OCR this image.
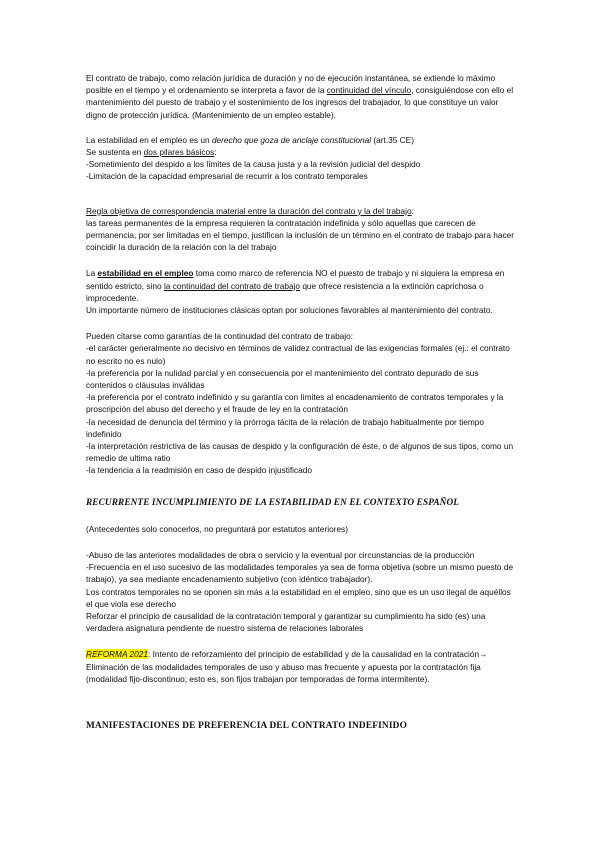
El contrato de trabajo, como relación jurídica de duración y no de ejecución instantánea, se extiende lo máximo posible en el tiempo y el ordenamiento se interpreta a favor de la continuidad del vínculo, consiguiéndose con ello el mantenimiento del puesto de trabajo y el sostenimiento de los ingresos del trabajador, lo que constituye un valor digno de protección jurídica. (Mantenimiento de un empleo estable).

La estabilidad en el empleo es un derecho que goza de anclaje constitucional (art.35 CE)

Se sustenta en dos pilares básicos:

-Sometimiento del despido a los límites de la causa justa y a la revisión judicial del despido

-Limitación de la capacidad empresarial de recurrir a los contrato temporales

Regla objetiva de correspondencia material entre la duración del contrato y la del trabajo:

las tareas permanentes de la empresa requieren la contratación indefinida y sólo aquellas que carecen de permanencia, por ser limitadas en el tiempo, justifican la inclusión de un término en el contrato de trabajo para hacer coincidir la duración de la relación con la del trabajo

La estabilidad en el empleo toma como marco de referencia NO el puesto de trabajo y ni siquiera la empresa en sentido estricto, sino la continuidad del contrato de trabajo que ofrece resistencia a la extinción caprichosa o improcedente.

Un importante número de instituciones clásicas optan por soluciones favorables al mantenimiento del contrato.

Pueden citarse como garantías de la continuidad del contrato de trabajo:

-el carácter generalmente no decisivo en términos de validez contractual de las exigencias formales (ej.: el contrato no escrito no es nulo)

-la preferencia por la nulidad parcial y en consecuencia por el mantenimiento del contrato depurado de sus contenidos o cláusulas inválidas

-la preferencia por el contrato indefinido y su garantía con límites al encadenamiento de contratos temporales y la proscripción del abuso del derecho y el fraude de ley en la contratación

-la necesidad de denuncia del término y la prórroga tácita de la relación de trabajo habitualmente por tiempo indefinido

-la interpretación restrictiva de las causas de despido y la configuración de éste, o de algunos de sus tipos, como un remedio de ultima ratio

-la tendencia a la readmisión en caso de despido injustificado

RECURRENTE INCUMPLIMIENTO DE LA ESTABILIDAD EN EL CONTEXTO ESPAÑOL

(Antecedentes solo conocerlos, no preguntará por estatutos anteriores)

-Abuso de las anteriores modalidades de obra o servicio y la eventual por circunstancias de la producción

-Frecuencia en el uso sucesivo de las modalidades temporales ya sea de forma objetiva (sobre un mismo puesto de trabajo), ya sea mediante encadenamiento subjetivo (con idéntico trabajador).

Los contratos temporales no se oponen sin más a la estabilidad en el empleo, sino que es un uso ilegal de aquéllos el que viola ese derecho

Reforzar el principio de causalidad de la contratación temporal y garantizar su cumplimiento ha sido (es) una verdadera asignatura pendiente de nuestro sistema de relaciones laborales

REFORMA 2021: Intento de reforzamiento del principio de estabilidad y de la causalidad en la contratación→ Eliminación de las modalidades temporales de uso y abuso mas frecuente y apuesta por la contratación fija (modalidad fijo-discontinuo; esto es, son fijos trabajan por temporadas de forma intermitente).

MANIFESTACIONES DE PREFERENCIA DEL CONTRATO INDEFINIDO
